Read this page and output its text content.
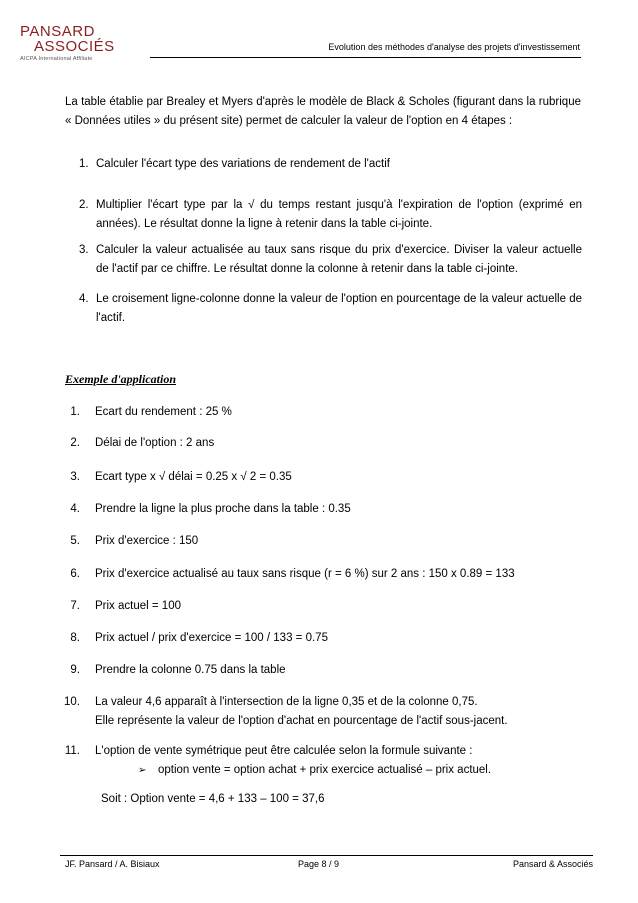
PANSARD
ASSOCIÉS
AICPA International Affiliate
Evolution des méthodes d'analyse des projets d'investissement
La table établie par Brealey et Myers d'après le modèle de Black & Scholes (figurant dans la rubrique « Données utiles » du présent site) permet de calculer la valeur de l'option en 4 étapes :
1. Calculer l'écart type des variations de rendement de l'actif
2. Multiplier l'écart type par la √ du temps restant jusqu'à l'expiration de l'option (exprimé en années). Le résultat donne la ligne à retenir dans la table ci-jointe.
3. Calculer la valeur actualisée au taux sans risque du prix d'exercice. Diviser la valeur actuelle de l'actif par ce chiffre. Le résultat donne la colonne à retenir dans la table ci-jointe.
4. Le croisement ligne-colonne donne la valeur de l'option en pourcentage de la valeur actuelle de l'actif.
Exemple d'application
1. Ecart du rendement : 25 %
2. Délai de l'option : 2 ans
3. Ecart type x √ délai = 0.25 x √ 2 = 0.35
4. Prendre la ligne la plus proche dans la table : 0.35
5. Prix d'exercice : 150
6. Prix d'exercice actualisé au taux sans risque (r = 6 %) sur 2 ans : 150 x 0.89 = 133
7. Prix actuel = 100
8. Prix actuel / prix d'exercice = 100 / 133 = 0.75
9. Prendre la colonne 0.75 dans la table
10. La valeur 4,6 apparaît à l'intersection de la ligne 0,35 et de la colonne 0,75.
Elle représente la valeur de l'option d'achat en pourcentage de l'actif sous-jacent.
11. L'option de vente symétrique peut être calculée selon la formule suivante :
➢ option vente = option achat + prix exercice actualisé – prix actuel.
Soit : Option vente = 4,6 + 133 – 100 = 37,6
JF. Pansard / A. Bisiaux	Page 8 / 9	Pansard & Associés
